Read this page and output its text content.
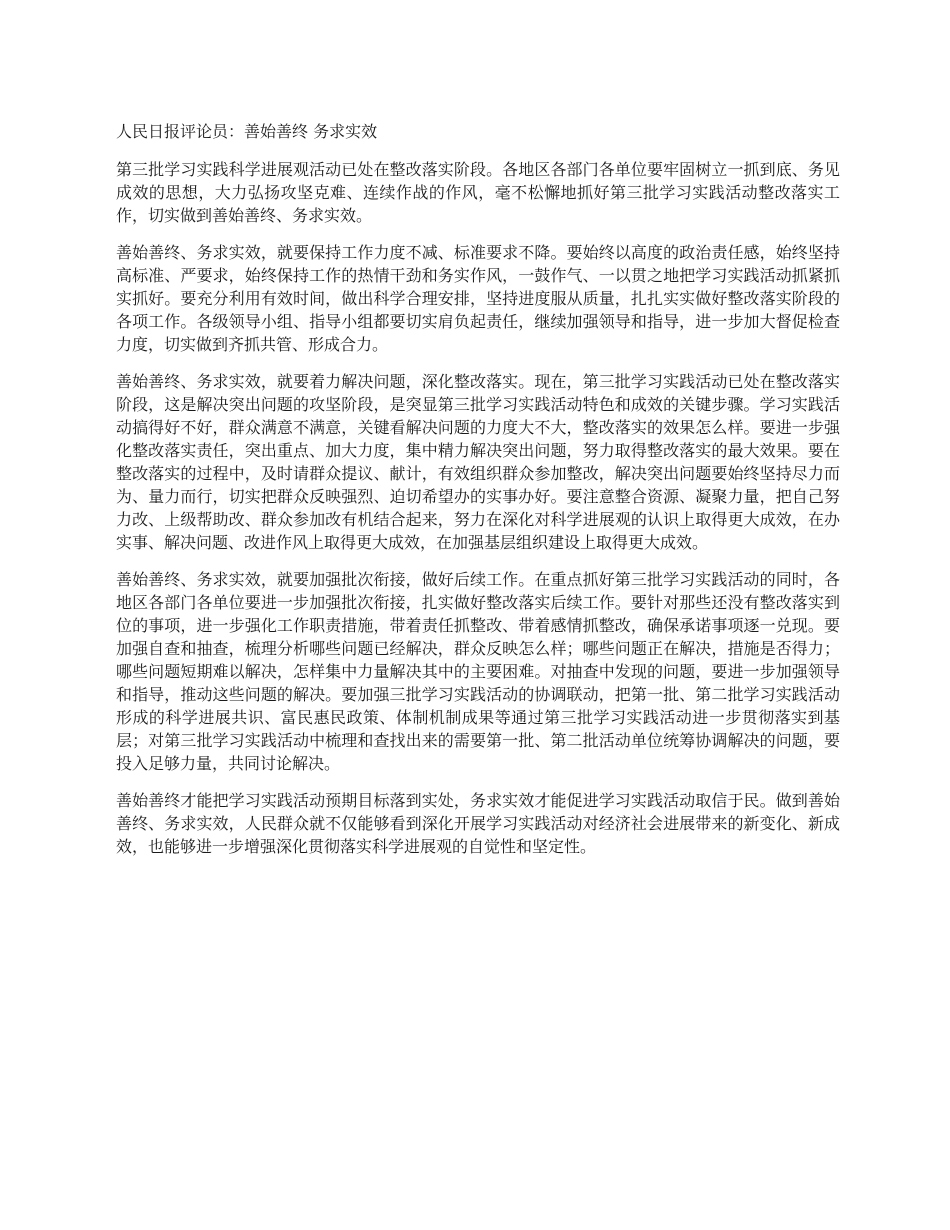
人民日报评论员：善始善终 务求实效

第三批学习实践科学进展观活动已处在整改落实阶段。各地区各部门各单位要牢固树立一抓到底、务见成效的思想，大力弘扬攻坚克难、连续作战的作风，毫不松懈地抓好第三批学习实践活动整改落实工作，切实做到善始善终、务求实效。

善始善终、务求实效，就要保持工作力度不减、标准要求不降。要始终以高度的政治责任感，始终坚持高标准、严要求，始终保持工作的热情干劲和务实作风，一鼓作气、一以贯之地把学习实践活动抓紧抓实抓好。要充分利用有效时间，做出科学合理安排，坚持进度服从质量，扎扎实实做好整改落实阶段的各项工作。各级领导小组、指导小组都要切实肩负起责任，继续加强领导和指导，进一步加大督促检查力度，切实做到齐抓共管、形成合力。

善始善终、务求实效，就要着力解决问题，深化整改落实。现在，第三批学习实践活动已处在整改落实阶段，这是解决突出问题的攻坚阶段，是突显第三批学习实践活动特色和成效的关键步骤。学习实践活动搞得好不好，群众满意不满意，关键看解决问题的力度大不大，整改落实的效果怎么样。要进一步强化整改落实责任，突出重点、加大力度，集中精力解决突出问题，努力取得整改落实的最大效果。要在整改落实的过程中，及时请群众提议、献计，有效组织群众参加整改，解决突出问题要始终坚持尽力而为、量力而行，切实把群众反映强烈、迫切希望办的实事办好。要注意整合资源、凝聚力量，把自己努力改、上级帮助改、群众参加改有机结合起来，努力在深化对科学进展观的认识上取得更大成效，在办实事、解决问题、改进作风上取得更大成效，在加强基层组织建设上取得更大成效。

善始善终、务求实效，就要加强批次衔接，做好后续工作。在重点抓好第三批学习实践活动的同时，各地区各部门各单位要进一步加强批次衔接，扎实做好整改落实后续工作。要针对那些还没有整改落实到位的事项，进一步强化工作职责措施，带着责任抓整改、带着感情抓整改，确保承诺事项逐一兑现。要加强自查和抽查，梳理分析哪些问题已经解决，群众反映怎么样；哪些问题正在解决，措施是否得力；哪些问题短期难以解决，怎样集中力量解决其中的主要困难。对抽查中发现的问题，要进一步加强领导和指导，推动这些问题的解决。要加强三批学习实践活动的协调联动，把第一批、第二批学习实践活动形成的科学进展共识、富民惠民政策、体制机制成果等通过第三批学习实践活动进一步贯彻落实到基层；对第三批学习实践活动中梳理和查找出来的需要第一批、第二批活动单位统筹协调解决的问题，要投入足够力量，共同讨论解决。

善始善终才能把学习实践活动预期目标落到实处，务求实效才能促进学习实践活动取信于民。做到善始善终、务求实效，人民群众就不仅能够看到深化开展学习实践活动对经济社会进展带来的新变化、新成效，也能够进一步增强深化贯彻落实科学进展观的自觉性和坚定性。
